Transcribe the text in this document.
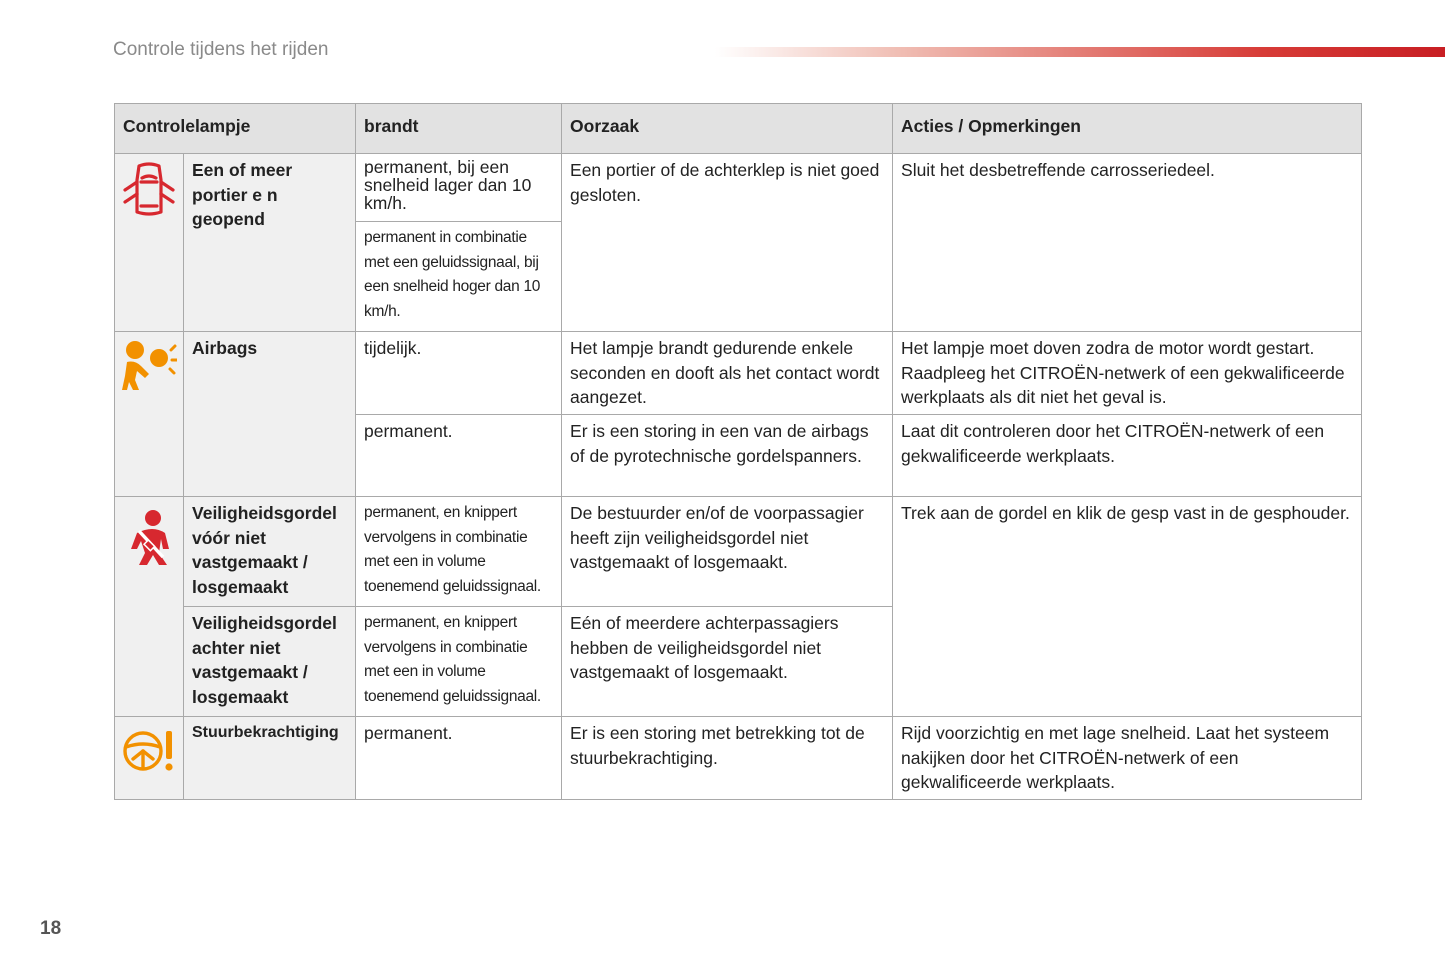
Controle tijdens het rijden
Controlelampje		brandt	Oorzaak	Acties / Opmerkingen

	Een of meer portier e n geopend	permanent, bij een snelheid lager dan 10 km/h.	Een portier of de achterklep is niet goed gesloten.	Sluit het desbetreffende carrosseriedeel.
		permanent in combinatie met een geluidssignaal, bij een snelheid hoger dan 10 km/h.		

	Airbags	tijdelijk.	Het lampje brandt gedurende enkele seconden en dooft als het contact wordt aangezet.	Het lampje moet doven zodra de motor wordt gestart. Raadpleeg het CITROËN-netwerk of een gekwalificeerde werkplaats als dit niet het geval is.
		permanent.	Er is een storing in een van de airbags of de pyrotechnische gordelspanners.	Laat dit controleren door het CITROËN-netwerk of een gekwalificeerde werkplaats.

	Veiligheidsgordel vóór niet vastgemaakt / losgemaakt	permanent, en knippert vervolgens in combinatie met een in volume toenemend geluidssignaal.	De bestuurder en/of de voorpassagier heeft zijn veiligheidsgordel niet vastgemaakt of losgemaakt.	Trek aan de gordel en klik de gesp vast in de gesphouder.
	Veiligheidsgordel achter niet vastgemaakt / losgemaakt	permanent, en knippert vervolgens in combinatie met een in volume toenemend geluidssignaal.	Eén of meerdere achterpassagiers hebben de veiligheidsgordel niet vastgemaakt of losgemaakt.	

	Stuurbekrachtiging	permanent.	Er is een storing met betrekking tot de stuurbekrachtiging.	Rijd voorzichtig en met lage snelheid. Laat het systeem nakijken door het CITROËN-netwerk of een gekwalificeerde werkplaats.
18
